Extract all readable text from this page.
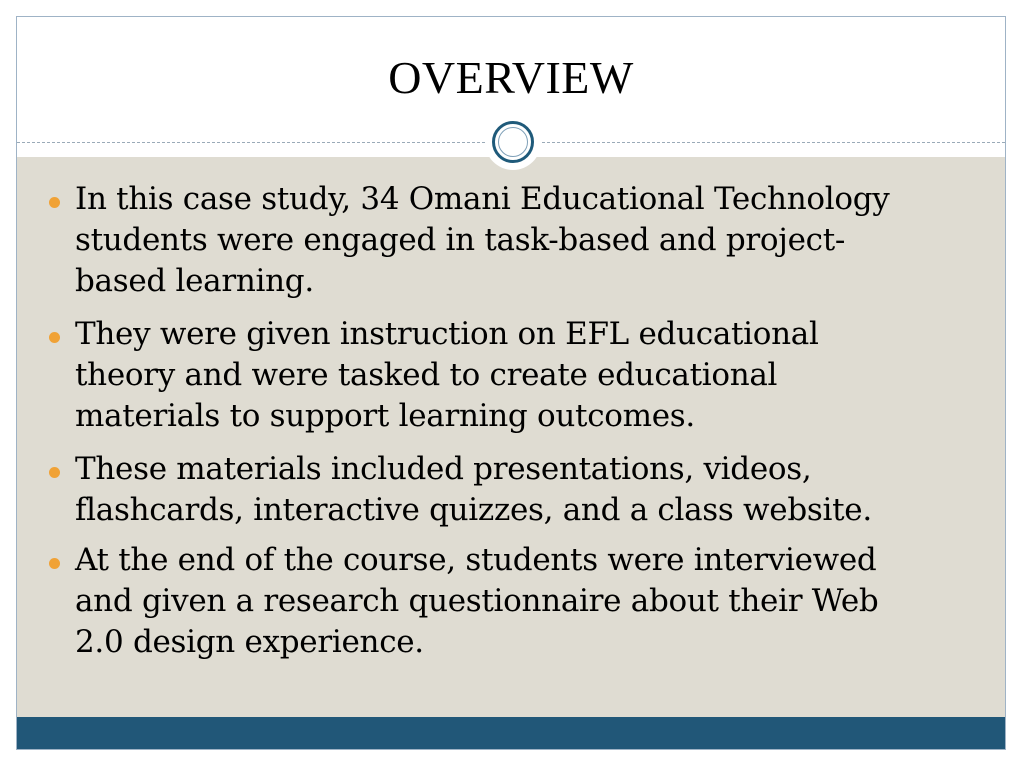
OVERVIEW
In this case study, 34 Omani Educational Technology
students were engaged in task-based and project-
based learning.
They were given instruction on EFL educational
theory and were tasked to create educational
materials to support learning outcomes.
These materials included presentations, videos,
flashcards, interactive quizzes, and a class website.
At the end of the course, students were interviewed
and given a research questionnaire about their Web
2.0 design experience.
